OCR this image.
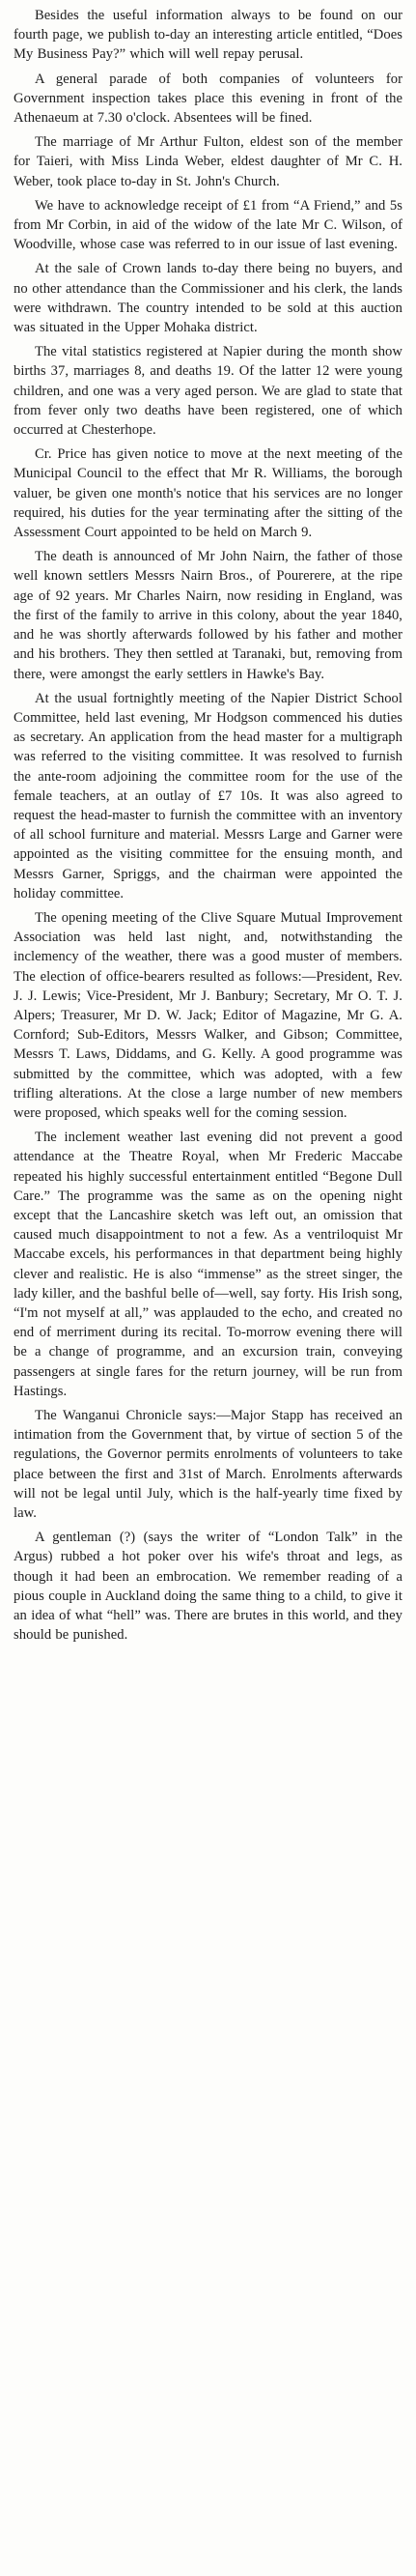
Besides the useful information always to be found on our fourth page, we publish to-day an interesting article entitled, “Does My Business Pay?” which will well repay perusal.

A general parade of both companies of volunteers for Government inspection takes place this evening in front of the Athenaeum at 7.30 o'clock. Absentees will be fined.

The marriage of Mr Arthur Fulton, eldest son of the member for Taieri, with Miss Linda Weber, eldest daughter of Mr C. H. Weber, took place to-day in St. John's Church.

We have to acknowledge receipt of £1 from “A Friend,” and 5s from Mr Corbin, in aid of the widow of the late Mr C. Wilson, of Woodville, whose case was referred to in our issue of last evening.

At the sale of Crown lands to-day there being no buyers, and no other attendance than the Commissioner and his clerk, the lands were withdrawn. The country intended to be sold at this auction was situated in the Upper Mohaka district.

The vital statistics registered at Napier during the month show births 37, marriages 8, and deaths 19. Of the latter 12 were young children, and one was a very aged person. We are glad to state that from fever only two deaths have been registered, one of which occurred at Chesterhope.

Cr. Price has given notice to move at the next meeting of the Municipal Council to the effect that Mr R. Williams, the borough valuer, be given one month's notice that his services are no longer required, his duties for the year terminating after the sitting of the Assessment Court appointed to be held on March 9.

The death is announced of Mr John Nairn, the father of those well known settlers Messrs Nairn Bros., of Pourerere, at the ripe age of 92 years. Mr Charles Nairn, now residing in England, was the first of the family to arrive in this colony, about the year 1840, and he was shortly afterwards followed by his father and mother and his brothers. They then settled at Taranaki, but, removing from there, were amongst the early settlers in Hawke's Bay.

At the usual fortnightly meeting of the Napier District School Committee, held last evening, Mr Hodgson commenced his duties as secretary. An application from the head master for a multigraph was referred to the visiting committee. It was resolved to furnish the ante-room adjoining the committee room for the use of the female teachers, at an outlay of £7 10s. It was also agreed to request the head-master to furnish the committee with an inventory of all school furniture and material. Messrs Large and Garner were appointed as the visiting committee for the ensuing month, and Messrs Garner, Spriggs, and the chairman were appointed the holiday committee.

The opening meeting of the Clive Square Mutual Improvement Association was held last night, and, notwithstanding the inclemency of the weather, there was a good muster of members. The election of office-bearers resulted as follows:—President, Rev. J. J. Lewis; Vice-President, Mr J. Banbury; Secretary, Mr O. T. J. Alpers; Treasurer, Mr D. W. Jack; Editor of Magazine, Mr G. A. Cornford; Sub-Editors, Messrs Walker, and Gibson; Committee, Messrs T. Laws, Diddams, and G. Kelly. A good programme was submitted by the committee, which was adopted, with a few trifling alterations. At the close a large number of new members were proposed, which speaks well for the coming session.

The inclement weather last evening did not prevent a good attendance at the Theatre Royal, when Mr Frederic Maccabe repeated his highly successful entertainment entitled “Begone Dull Care.” The programme was the same as on the opening night except that the Lancashire sketch was left out, an omission that caused much disappointment to not a few. As a ventriloquist Mr Maccabe excels, his performances in that department being highly clever and realistic. He is also “immense” as the street singer, the lady killer, and the bashful belle of—well, say forty. His Irish song, “I'm not myself at all,” was applauded to the echo, and created no end of merriment during its recital. To-morrow evening there will be a change of programme, and an excursion train, conveying passengers at single fares for the return journey, will be run from Hastings.

The Wanganui Chronicle says:—Major Stapp has received an intimation from the Government that, by virtue of section 5 of the regulations, the Governor permits enrolments of volunteers to take place between the first and 31st of March. Enrolments afterwards will not be legal until July, which is the half-yearly time fixed by law.

A gentleman (?) (says the writer of “London Talk” in the Argus) rubbed a hot poker over his wife's throat and legs, as though it had been an embrocation. We remember reading of a pious couple in Auckland doing the same thing to a child, to give it an idea of what “hell” was. There are brutes in this world, and they should be punished.
